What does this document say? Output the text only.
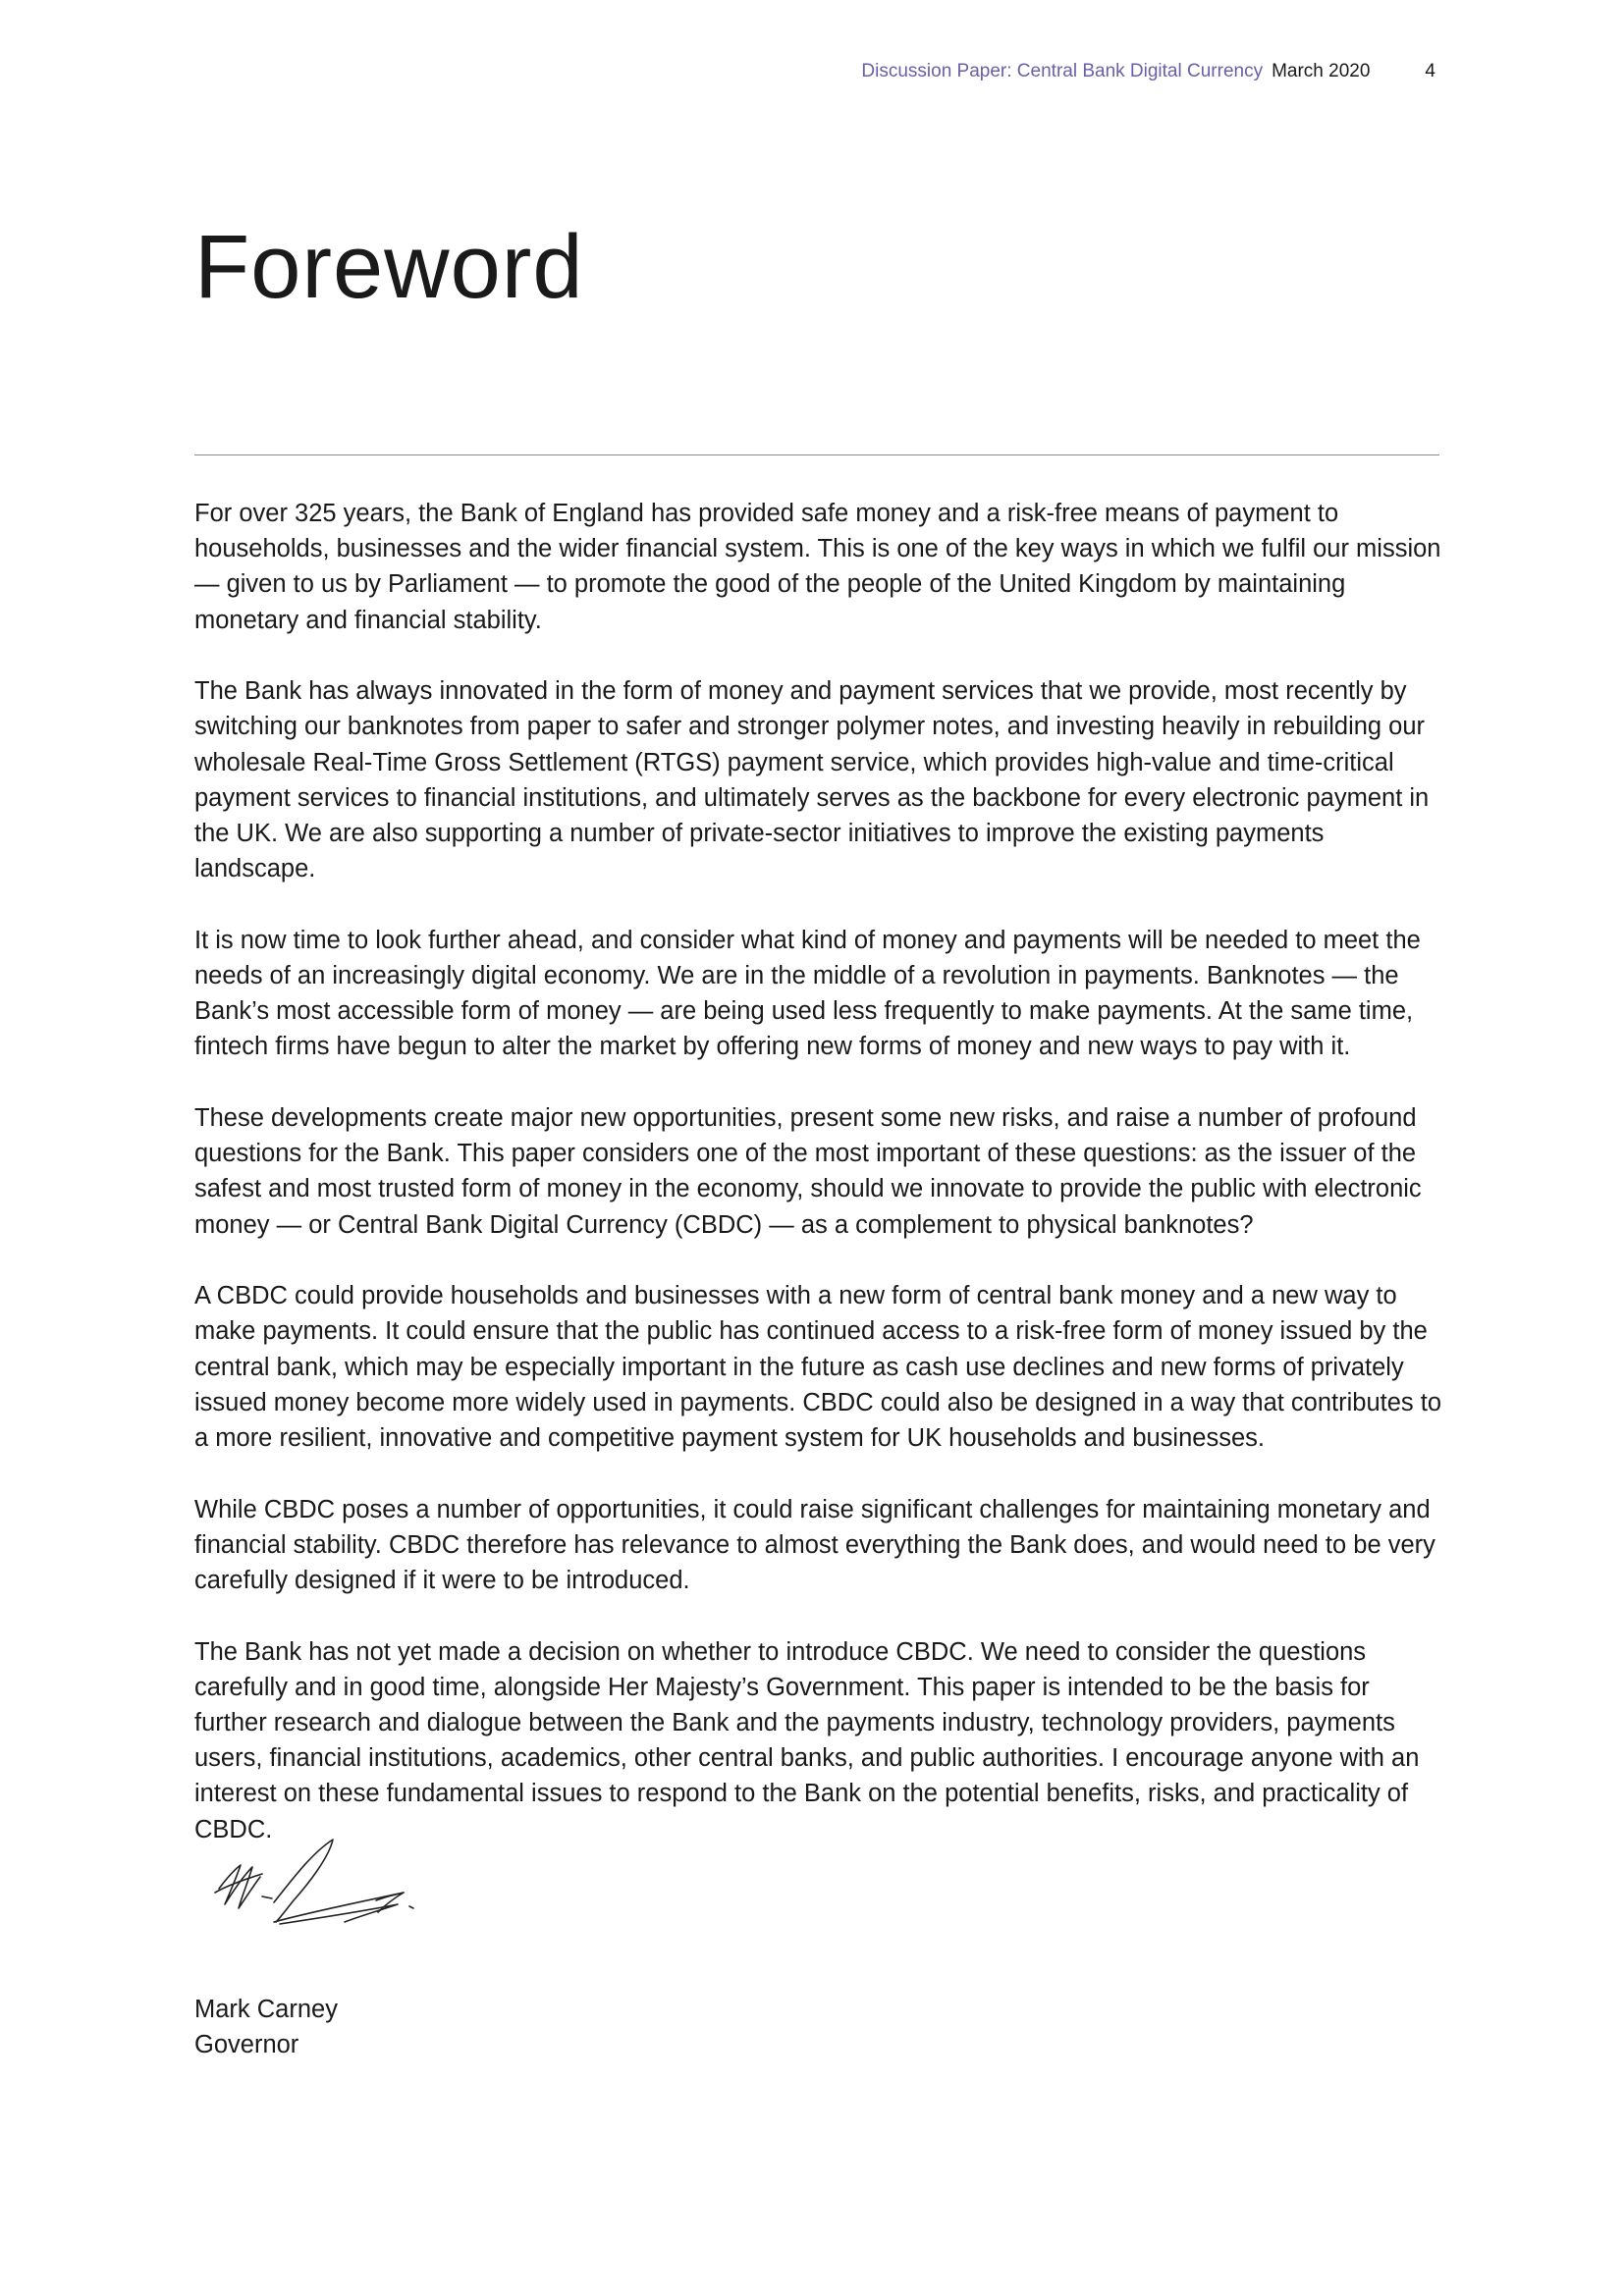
Discussion Paper: Central Bank Digital Currency March 2020	4
Foreword

For over 325 years, the Bank of England has provided safe money and a risk-free means of payment to households, businesses and the wider financial system. This is one of the key ways in which we fulfil our mission — given to us by Parliament — to promote the good of the people of the United Kingdom by maintaining monetary and financial stability.

The Bank has always innovated in the form of money and payment services that we provide, most recently by switching our banknotes from paper to safer and stronger polymer notes, and investing heavily in rebuilding our wholesale Real-Time Gross Settlement (RTGS) payment service, which provides high-value and time-critical payment services to financial institutions, and ultimately serves as the backbone for every electronic payment in the UK. We are also supporting a number of private-sector initiatives to improve the existing payments landscape.

It is now time to look further ahead, and consider what kind of money and payments will be needed to meet the needs of an increasingly digital economy. We are in the middle of a revolution in payments. Banknotes — the Bank’s most accessible form of money — are being used less frequently to make payments. At the same time, fintech firms have begun to alter the market by offering new forms of money and new ways to pay with it.

These developments create major new opportunities, present some new risks, and raise a number of profound questions for the Bank. This paper considers one of the most important of these questions: as the issuer of the safest and most trusted form of money in the economy, should we innovate to provide the public with electronic money — or Central Bank Digital Currency (CBDC) — as a complement to physical banknotes?

A CBDC could provide households and businesses with a new form of central bank money and a new way to make payments. It could ensure that the public has continued access to a risk-free form of money issued by the central bank, which may be especially important in the future as cash use declines and new forms of privately issued money become more widely used in payments. CBDC could also be designed in a way that contributes to a more resilient, innovative and competitive payment system for UK households and businesses.

While CBDC poses a number of opportunities, it could raise significant challenges for maintaining monetary and financial stability. CBDC therefore has relevance to almost everything the Bank does, and would need to be very carefully designed if it were to be introduced.

The Bank has not yet made a decision on whether to introduce CBDC. We need to consider the questions carefully and in good time, alongside Her Majesty’s Government. This paper is intended to be the basis for further research and dialogue between the Bank and the payments industry, technology providers, payments users, financial institutions, academics, other central banks, and public authorities. I encourage anyone with an interest on these fundamental issues to respond to the Bank on the potential benefits, risks, and practicality of CBDC.

Mark Carney
Governor
